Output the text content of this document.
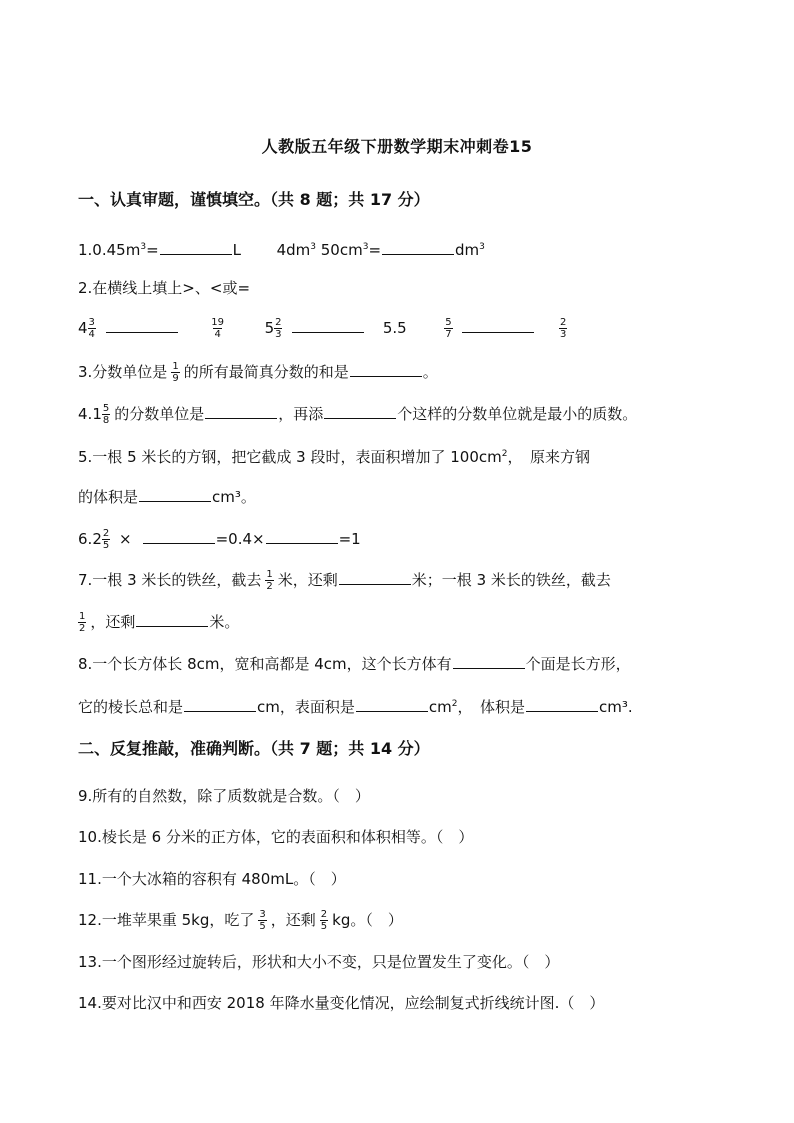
人教版五年级下册数学期末冲刺卷15
一、认真审题，谨慎填空。（共 8 题；共 17 分）
$1.0.45m^3=$	L $4dm^3$ $50cm^3=$	$dm^3$
2.在横线上填上>、<或=
$4 \frac{3}{4}$
	$\frac{19}{4}$	$5 \frac{2}{3}$	5.5	$\frac{5}{7}$
	$\frac{2}{3}$
3.分数单位是 $\frac{1}{9}$ 的所有最简真分数的和是	。
$4.1 \frac{5}{8}$ 的分数单位是	，再添	个这样的分数单位就是最小的质数。
5.一根 5 米长的方钢，把它截成 3 段时，表面积增加了 $100cm^2$，　原来方钢
的体积是	cm³。
$6.2 \frac{2}{5}$ ×	=0.4×	=1
7.一根 3 米长的铁丝，截去 $\frac{1}{2}$ 米，还剩	米；一根 3 米长的铁丝，截去
$\frac{1}{2}$ ，还剩	米。
8.一个长方体长 8cm，宽和高都是 4cm，这个长方体有	个面是长方形，
它的棱长总和是	cm，表面积是	$cm^2$，　体积是	cm³.
二、反复推敲，准确判断。（共 7 题；共 14 分）
9.所有的自然数，除了质数就是合数。（　）
10.棱长是 6 分米的正方体，它的表面积和体积相等。（　）
11.一个大冰箱的容积有 480mL。（　）
12.一堆苹果重 5kg，吃了 $\frac{3}{5}$ ，还剩 $\frac{2}{5}$ kg。（　）
13.一个图形经过旋转后，形状和大小不变，只是位置发生了变化。（　）
14.要对比汉中和西安 2018 年降水量变化情况，应绘制复式折线统计图.（　）
